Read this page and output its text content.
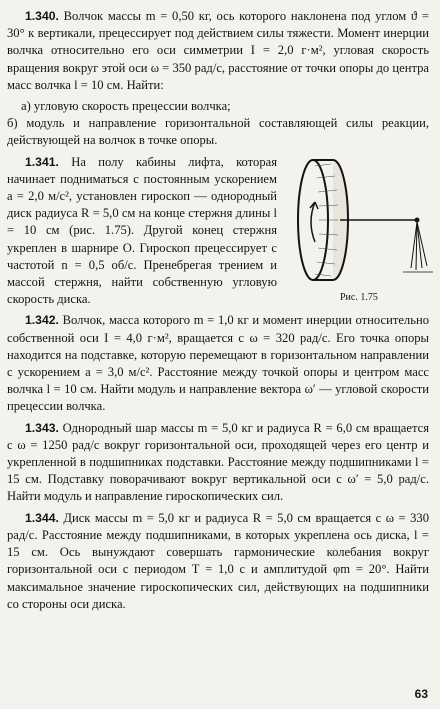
1.340. Волчок массы m = 0,50 кг, ось которого наклонена под углом ϑ = 30° к вертикали, прецессирует под действием силы тяжести. Момент инерции волчка относительно его оси симметрии I = 2,0 г·м², угловая скорость вращения вокруг этой оси ω = 350 рад/с, расстояние от точки опоры до центра масс волчка l = 10 см. Найти:

а) угловую скорость прецессии волчка;

б) модуль и направление горизонтальной составляющей силы реакции, действующей на волчок в точке опоры.

1.341. На полу кабины лифта, которая начинает подниматься с постоянным ускорением a = 2,0 м/с², установлен гироскоп — однородный диск радиуса R = 5,0 см на конце стержня длины l = 10 см (рис. 1.75). Другой конец стержня укреплен в шарнире O. Гироскоп прецессирует с частотой n = 0,5 об/с. Пренебрегая трением и массой стержня, найти собственную угловую скорость диска.

1.342. Волчок, масса которого m = 1,0 кг и момент инерции относительно собственной оси I = 4,0 г·м², вращается с ω = 320 рад/с. Его точка опоры находится на подставке, которую перемещают в горизонтальном направлении с ускорением a = 3,0 м/с². Расстояние между точкой опоры и центром масс волчка l = 10 см. Найти модуль и направление вектора ω′ — угловой скорости прецессии волчка.

1.343. Однородный шар массы m = 5,0 кг и радиуса R = 6,0 см вращается с ω = 1250 рад/с вокруг горизонтальной оси, проходящей через его центр и укрепленной в подшипниках подставки. Расстояние между подшипниками l = 15 см. Подставку поворачивают вокруг вертикальной оси с ω′ = 5,0 рад/с. Найти модуль и направление гироскопических сил.

1.344. Диск массы m = 5,0 кг и радиуса R = 5,0 см вращается с ω = 330 рад/с. Расстояние между подшипниками, в которых укреплена ось диска, l = 15 см. Ось вынуждают совершать гармонические колебания вокруг горизонтальной оси с периодом T = 1,0 с и амплитудой φm = 20°. Найти максимальное значение гироскопических сил, действующих на подшипники со стороны оси диска.

Рис. 1.75
63
